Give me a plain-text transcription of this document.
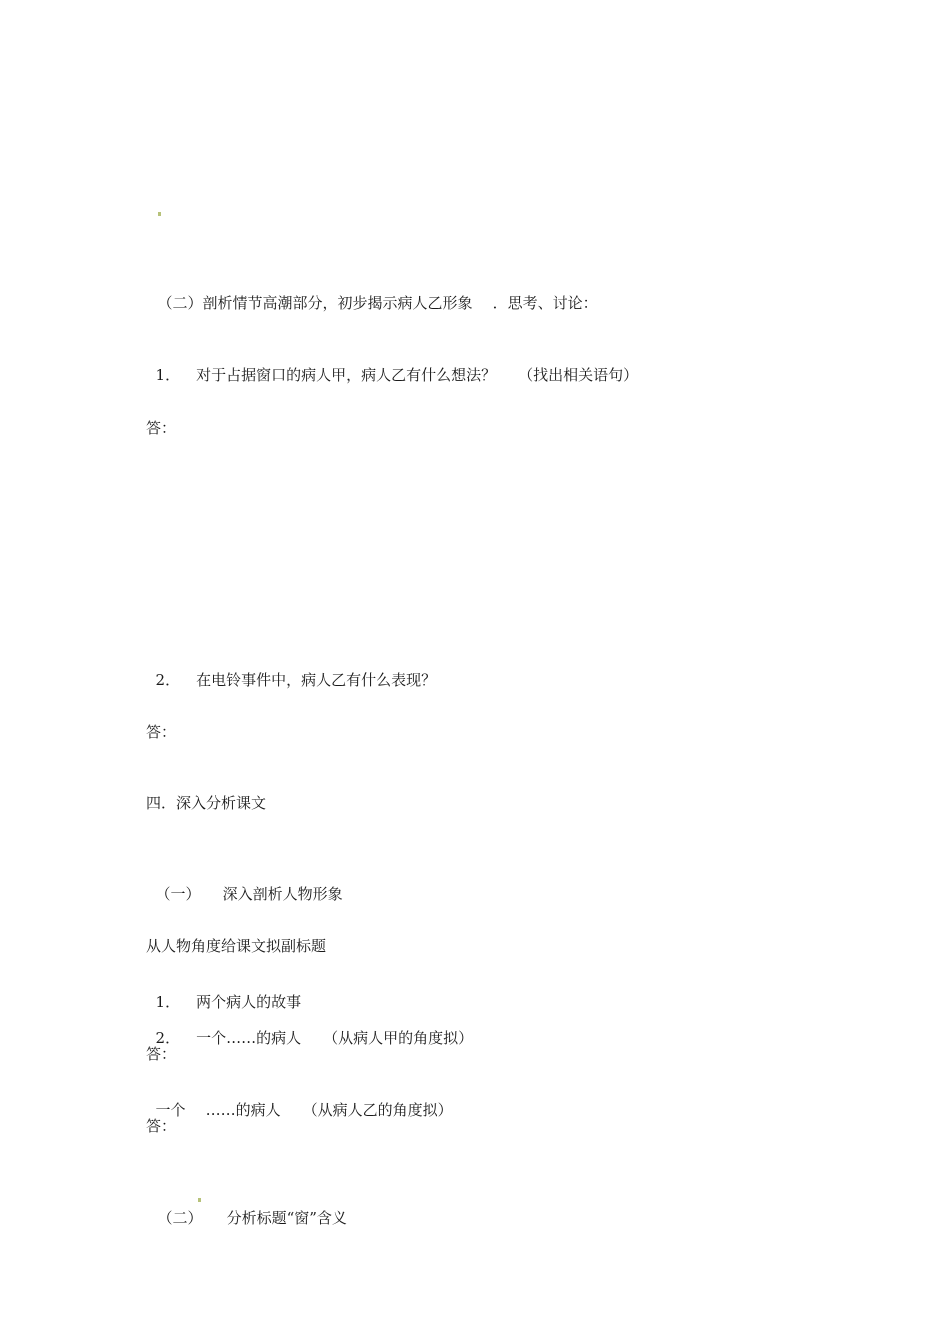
（二）剖析情节高潮部分，初步揭示病人乙形象 ．思考、讨论：

1． 对于占据窗口的病人甲，病人乙有什么想法？ （找出相关语句）

答：

2． 在电铃事件中，病人乙有什么表现？

答：
四．深入分析课文

（一） 深入剖析人物形象

从人物角度给课文拟副标题

1． 两个病人的故事

2． 一个……的病人 （从病人甲的角度拟）

答：

一个 ……的病人 （从病人乙的角度拟）

答：

（二） 分析标题“窗”含义
